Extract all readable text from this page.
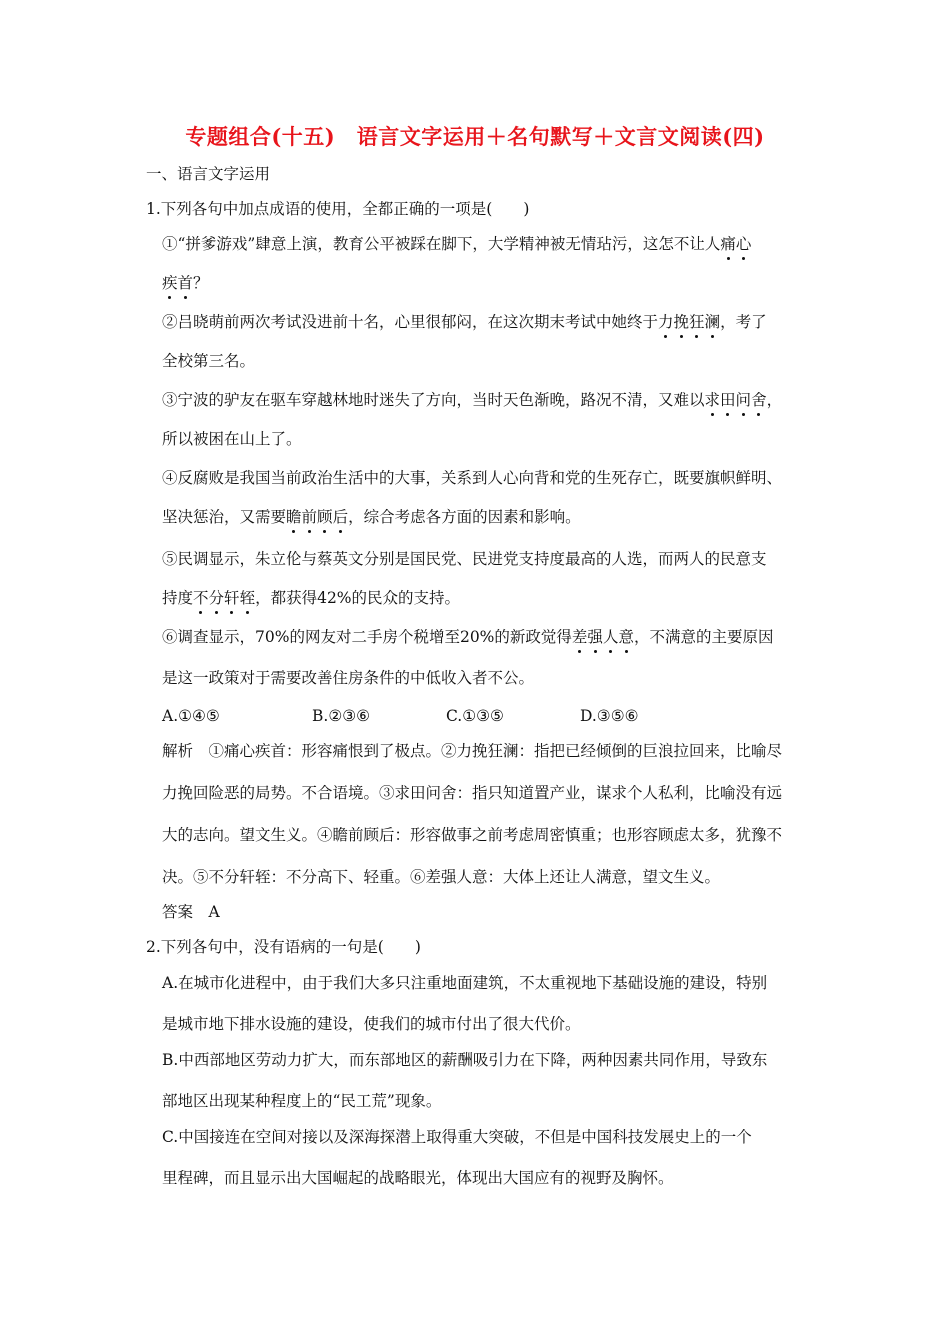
专题组合(十五)　语言文字运用＋名句默写＋文言文阅读(四)
一、语言文字运用
1.下列各句中加点成语的使用，全都正确的一项是(　　)
①“拼爹游戏”肆意上演，教育公平被踩在脚下，大学精神被无情玷污，这怎不让人痛心
疾首？
②吕晓萌前两次考试没进前十名，心里很郁闷，在这次期末考试中她终于力挽狂澜，考了
全校第三名。
③宁波的驴友在驱车穿越林地时迷失了方向，当时天色渐晚，路况不清，又难以求田问舍，
所以被困在山上了。
④反腐败是我国当前政治生活中的大事，关系到人心向背和党的生死存亡，既要旗帜鲜明、
坚决惩治，又需要瞻前顾后，综合考虑各方面的因素和影响。
⑤民调显示，朱立伦与蔡英文分别是国民党、民进党支持度最高的人选，而两人的民意支
持度不分轩轾，都获得42%的民众的支持。
⑥调查显示，70%的网友对二手房个税增至20%的新政觉得差强人意，不满意的主要原因
是这一政策对于需要改善住房条件的中低收入者不公。
A.①④⑤	B.②③⑥	C.①③⑤	D.③⑤⑥
解析　①痛心疾首：形容痛恨到了极点。②力挽狂澜：指把已经倾倒的巨浪拉回来，比喻尽
力挽回险恶的局势。不合语境。③求田问舍：指只知道置产业，谋求个人私利，比喻没有远
大的志向。望文生义。④瞻前顾后：形容做事之前考虑周密慎重；也形容顾虑太多，犹豫不
决。⑤不分轩轾：不分高下、轻重。⑥差强人意：大体上还让人满意，望文生义。
答案　A
2.下列各句中，没有语病的一句是(　　)
A.在城市化进程中，由于我们大多只注重地面建筑，不太重视地下基础设施的建设，特别
是城市地下排水设施的建设，使我们的城市付出了很大代价。
B.中西部地区劳动力扩大，而东部地区的薪酬吸引力在下降，两种因素共同作用，导致东
部地区出现某种程度上的“民工荒”现象。
C.中国接连在空间对接以及深海探潜上取得重大突破，不但是中国科技发展史上的一个
里程碑，而且显示出大国崛起的战略眼光，体现出大国应有的视野及胸怀。
